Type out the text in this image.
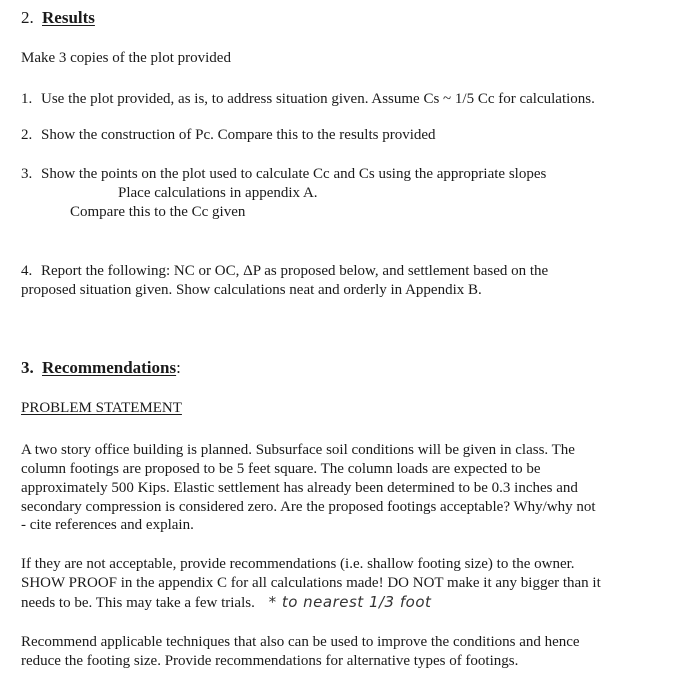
2. Results
Make 3 copies of the plot provided
1. Use the plot provided, as is, to address situation given. Assume Cs ~ 1/5 Cc for calculations.
2. Show the construction of Pc. Compare this to the results provided
3. Show the points on the plot used to calculate Cc and Cs using the appropriate slopes
Place calculations in appendix A.
Compare this to the Cc given
4. Report the following: NC or OC, ΔP as proposed below, and settlement based on the
proposed situation given. Show calculations neat and orderly in Appendix B.
3. Recommendations:
PROBLEM STATEMENT
A two story office building is planned. Subsurface soil conditions will be given in class. The
column footings are proposed to be 5 feet square. The column loads are expected to be
approximately 500 Kips. Elastic settlement has already been determined to be 0.3 inches and
secondary compression is considered zero. Are the proposed footings acceptable? Why/why not
- cite references and explain.
If they are not acceptable, provide recommendations (i.e. shallow footing size) to the owner.
SHOW PROOF in the appendix C for all calculations made! DO NOT make it any bigger than it
needs to be. This may take a few trials. * to nearest 1/3 foot
Recommend applicable techniques that also can be used to improve the conditions and hence
reduce the footing size. Provide recommendations for alternative types of footings.
